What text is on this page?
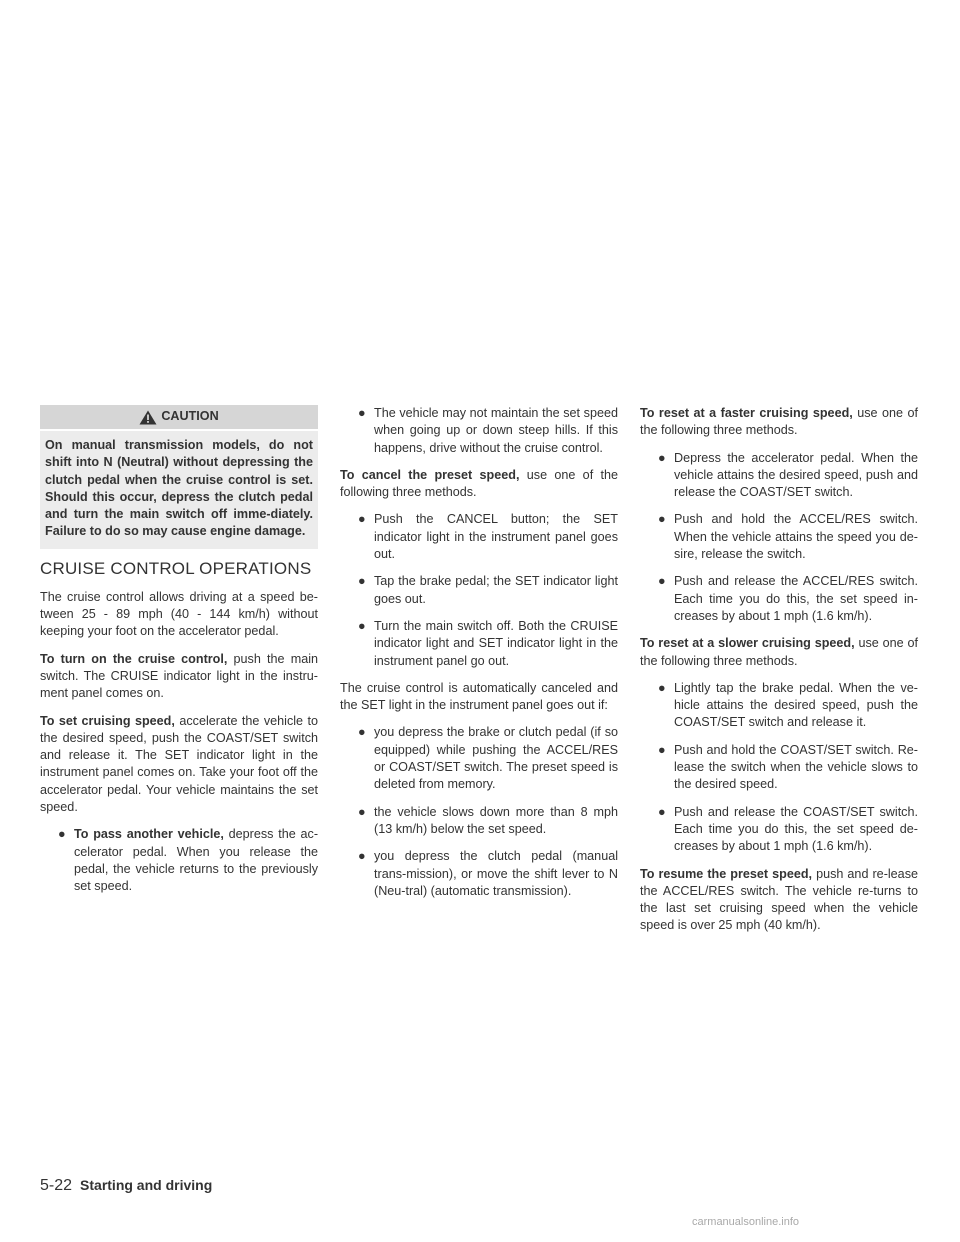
CAUTION
On manual transmission models, do not shift into N (Neutral) without depressing the clutch pedal when the cruise control is set. Should this occur, depress the clutch pedal and turn the main switch off imme-diately. Failure to do so may cause engine damage.
CRUISE CONTROL OPERATIONS

The cruise control allows driving at a speed be-tween 25 - 89 mph (40 - 144 km/h) without keeping your foot on the accelerator pedal.

To turn on the cruise control, push the main switch. The CRUISE indicator light in the instru-ment panel comes on.

To set cruising speed, accelerate the vehicle to the desired speed, push the COAST/SET switch and release it. The SET indicator light in the instrument panel comes on. Take your foot off the accelerator pedal. Your vehicle maintains the set speed.

● To pass another vehicle, depress the ac-celerator pedal. When you release the pedal, the vehicle returns to the previously set speed.
● The vehicle may not maintain the set speed when going up or down steep hills. If this happens, drive without the cruise control.

To cancel the preset speed, use one of the following three methods.

● Push the CANCEL button; the SET indicator light in the instrument panel goes out.
● Tap the brake pedal; the SET indicator light goes out.
● Turn the main switch off. Both the CRUISE indicator light and SET indicator light in the instrument panel go out.

The cruise control is automatically canceled and the SET light in the instrument panel goes out if:

● you depress the brake or clutch pedal (if so equipped) while pushing the ACCEL/RES or COAST/SET switch. The preset speed is deleted from memory.
● the vehicle slows down more than 8 mph (13 km/h) below the set speed.
● you depress the clutch pedal (manual trans-mission), or move the shift lever to N (Neu-tral) (automatic transmission).

To reset at a faster cruising speed, use one of the following three methods.

● Depress the accelerator pedal. When the vehicle attains the desired speed, push and release the COAST/SET switch.
● Push and hold the ACCEL/RES switch. When the vehicle attains the speed you de-sire, release the switch.
● Push and release the ACCEL/RES switch. Each time you do this, the set speed in-creases by about 1 mph (1.6 km/h).

To reset at a slower cruising speed, use one of the following three methods.

● Lightly tap the brake pedal. When the ve-hicle attains the desired speed, push the COAST/SET switch and release it.
● Push and hold the COAST/SET switch. Re-lease the switch when the vehicle slows to the desired speed.
● Push and release the COAST/SET switch. Each time you do this, the set speed de-creases by about 1 mph (1.6 km/h).

To resume the preset speed, push and re-lease the ACCEL/RES switch. The vehicle re-turns to the last set cruising speed when the vehicle speed is over 25 mph (40 km/h).

5-22 Starting and driving
carmanualsonline.info
